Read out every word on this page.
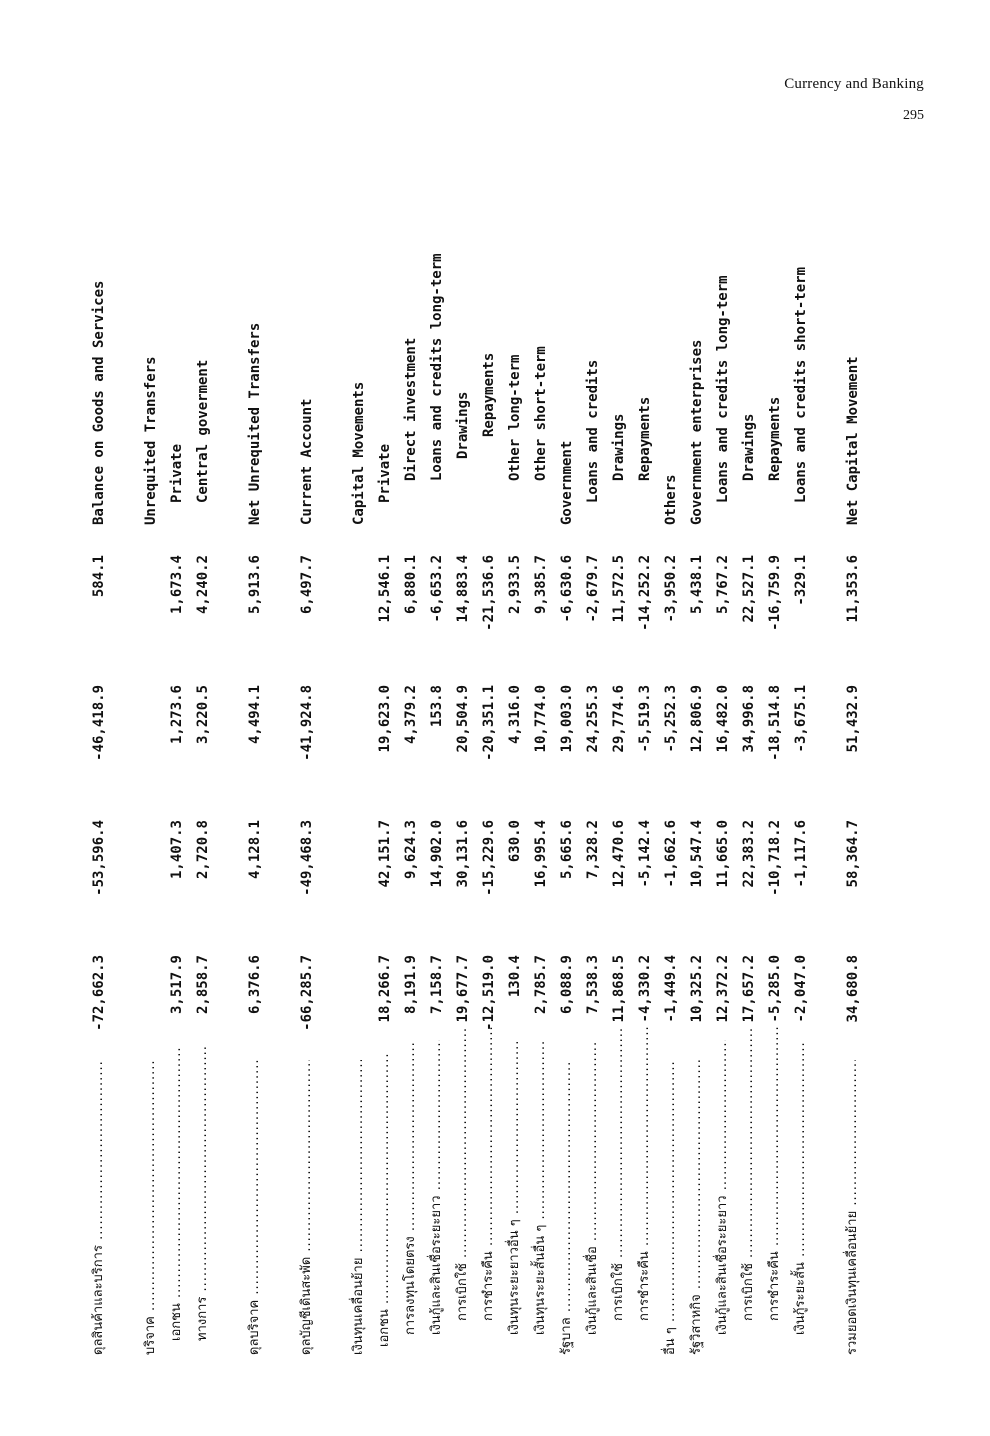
Currency and Banking
295
ดุลสินค้าและบริการ .....
-72,662.3
-53,596.4
-46,418.9
584.1
Balance on Goods and Services
บริจาค .....
Unrequited Transfers
เอกชน .....
3,517.9
1,407.3
1,273.6
1,673.4
Private
ทางการ .....
2,858.7
2,720.8
3,220.5
4,240.2
Central goverment
ดุลบริจาค .....
6,376.6
4,128.1
4,494.1
5,913.6
Net Unrequited Transfers
ดุลบัญชีเดินสะพัด .....
-66,285.7
-49,468.3
-41,924.8
6,497.7
Current Account
เงินทุนเคลื่อนย้าย .....
Capital Movements
เอกชน .....
18,266.7
42,151.7
19,623.0
12,546.1
Private
การลงทุนโดยตรง .....
8,191.9
9,624.3
4,379.2
6,880.1
Direct investment
เงินกู้และสินเชื่อระยะยาว .....
7,158.7
14,902.0
153.8
-6,653.2
Loans and credits long-term
การเบิกใช้ .....
19,677.7
30,131.6
20,504.9
14,883.4
Drawings
การชำระคืน .....
-12,519.0
-15,229.6
-20,351.1
-21,536.6
Repayments
เงินทุนระยะยาวอื่น ๆ .....
130.4
630.0
4,316.0
2,933.5
Other long-term
เงินทุนระยะสั้นอื่น ๆ .....
2,785.7
16,995.4
10,774.0
9,385.7
Other short-term
รัฐบาล .....
6,088.9
5,665.6
19,003.0
-6,630.6
Government
เงินกู้และสินเชื่อ .....
7,538.3
7,328.2
24,255.3
-2,679.7
Loans and credits
การเบิกใช้ .....
11,868.5
12,470.6
29,774.6
11,572.5
Drawings
การชำระคืน .....
-4,330.2
-5,142.4
-5,519.3
-14,252.2
Repayments
อื่น ๆ .....
-1,449.4
-1,662.6
-5,252.3
-3,950.2
Others
รัฐวิสาหกิจ .....
10,325.2
10,547.4
12,806.9
5,438.1
Government enterprises
เงินกู้และสินเชื่อระยะยาว .....
12,372.2
11,665.0
16,482.0
5,767.2
Loans and credits long-term
การเบิกใช้ .....
17,657.2
22,383.2
34,996.8
22,527.1
Drawings
การชำระคืน .....
-5,285.0
-10,718.2
-18,514.8
-16,759.9
Repayments
เงินกู้ระยะสั้น .....
-2,047.0
-1,117.6
-3,675.1
-329.1
Loans and credits short-term
รวมยอดเงินทุนเคลื่อนย้าย .....
34,680.8
58,364.7
51,432.9
11,353.6
Net Capital Movement
